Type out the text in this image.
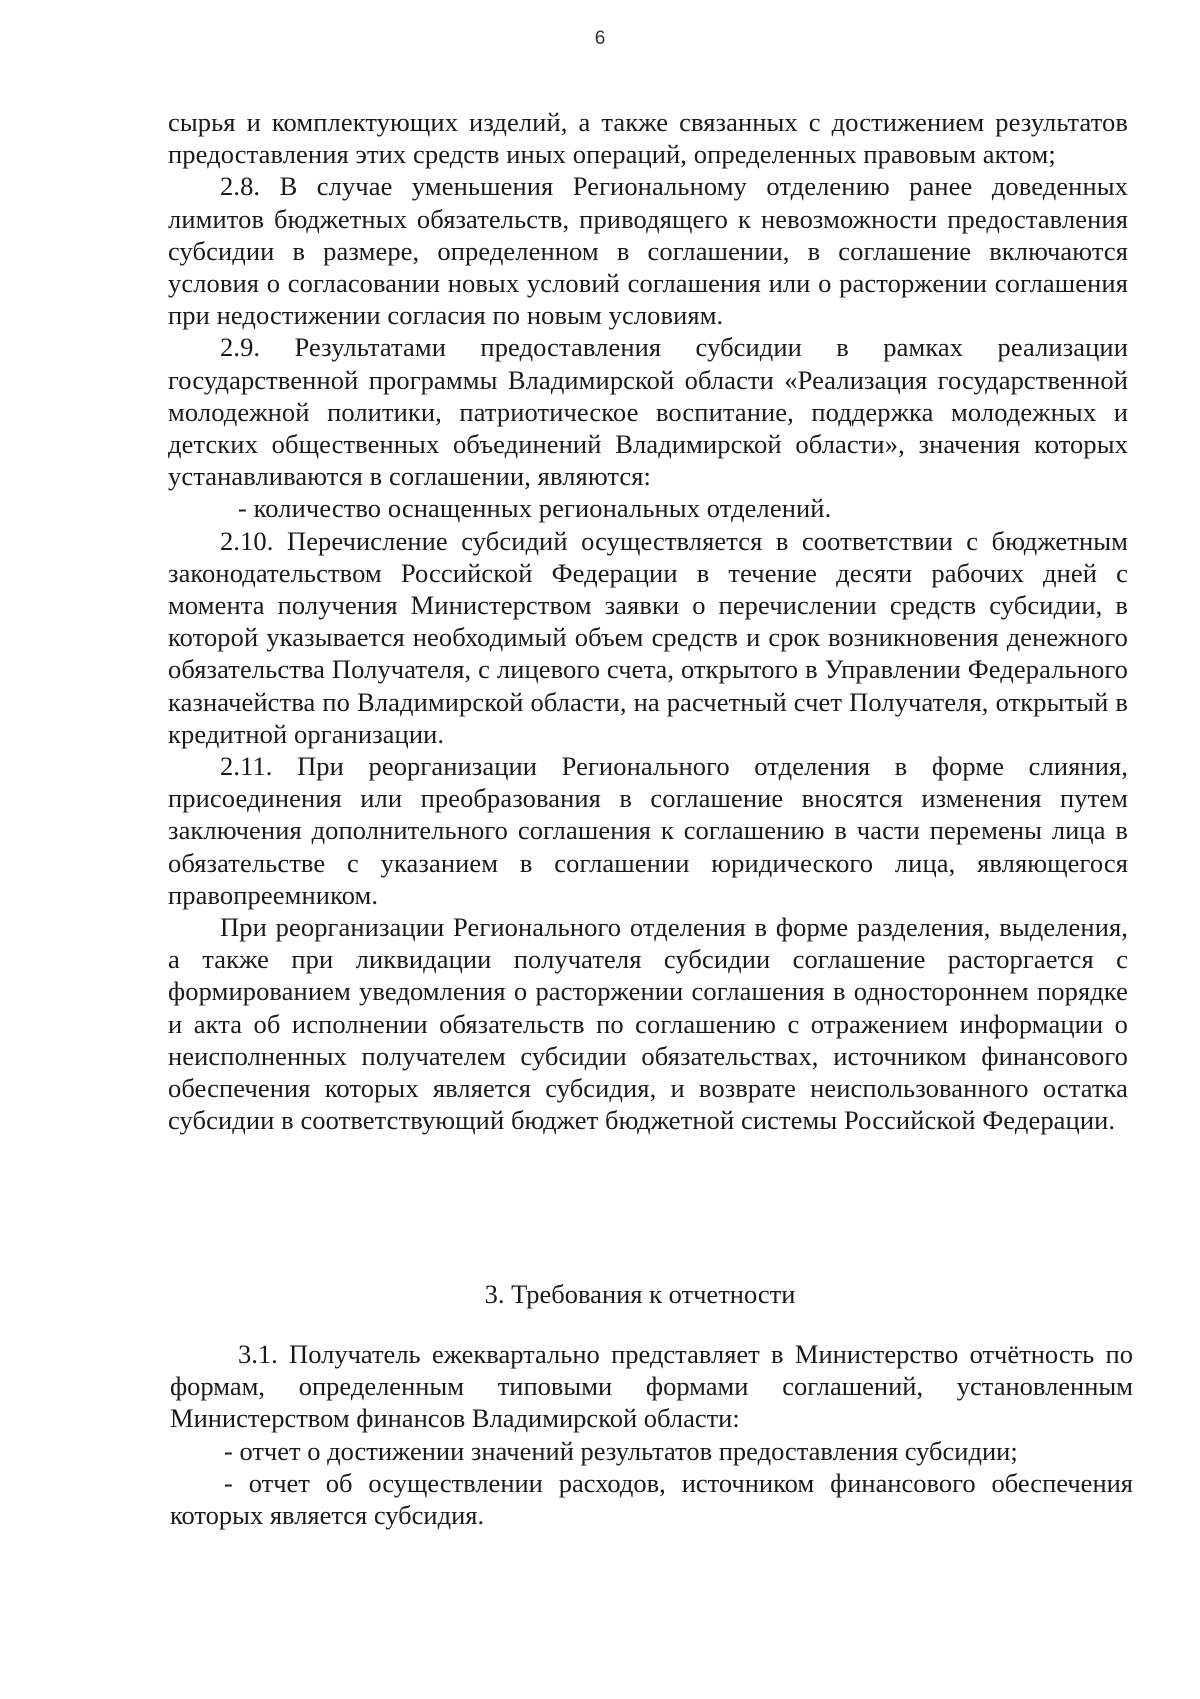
6

сырья и комплектующих изделий, а также связанных с достижением результатов предоставления этих средств иных операций, определенных правовым актом;

2.8. В случае уменьшения Региональному отделению ранее доведенных лимитов бюджетных обязательств, приводящего к невозможности предоставления субсидии в размере, определенном в соглашении, в соглашение включаются условия о согласовании новых условий соглашения или о расторжении соглашения при недостижении согласия по новым условиям.

2.9. Результатами предоставления субсидии в рамках реализации государственной программы Владимирской области «Реализация государственной молодежной политики, патриотическое воспитание, поддержка молодежных и детских общественных объединений Владимирской области», значения которых устанавливаются в соглашении, являются:

- количество оснащенных региональных отделений.

2.10. Перечисление субсидий осуществляется в соответствии с бюджетным законодательством Российской Федерации в течение десяти рабочих дней с момента получения Министерством заявки о перечислении средств субсидии, в которой указывается необходимый объем средств и срок возникновения денежного обязательства Получателя, с лицевого счета, открытого в Управлении Федерального казначейства по Владимирской области, на расчетный счет Получателя, открытый в кредитной организации.

2.11. При реорганизации Регионального отделения в форме слияния, присоединения или преобразования в соглашение вносятся изменения путем заключения дополнительного соглашения к соглашению в части перемены лица в обязательстве с указанием в соглашении юридического лица, являющегося правопреемником.

При реорганизации Регионального отделения в форме разделения, выделения, а также при ликвидации получателя субсидии соглашение расторгается с формированием уведомления о расторжении соглашения в одностороннем порядке и акта об исполнении обязательств по соглашению с отражением информации о неисполненных получателем субсидии обязательствах, источником финансового обеспечения которых является субсидия, и возврате неиспользованного остатка субсидии в соответствующий бюджет бюджетной системы Российской Федерации.

3. Требования к отчетности

3.1. Получатель ежеквартально представляет в Министерство отчётность по формам, определенным типовыми формами соглашений, установленным Министерством финансов Владимирской области:

- отчет о достижении значений результатов предоставления субсидии;

- отчет об осуществлении расходов, источником финансового обеспечения которых является субсидия.
